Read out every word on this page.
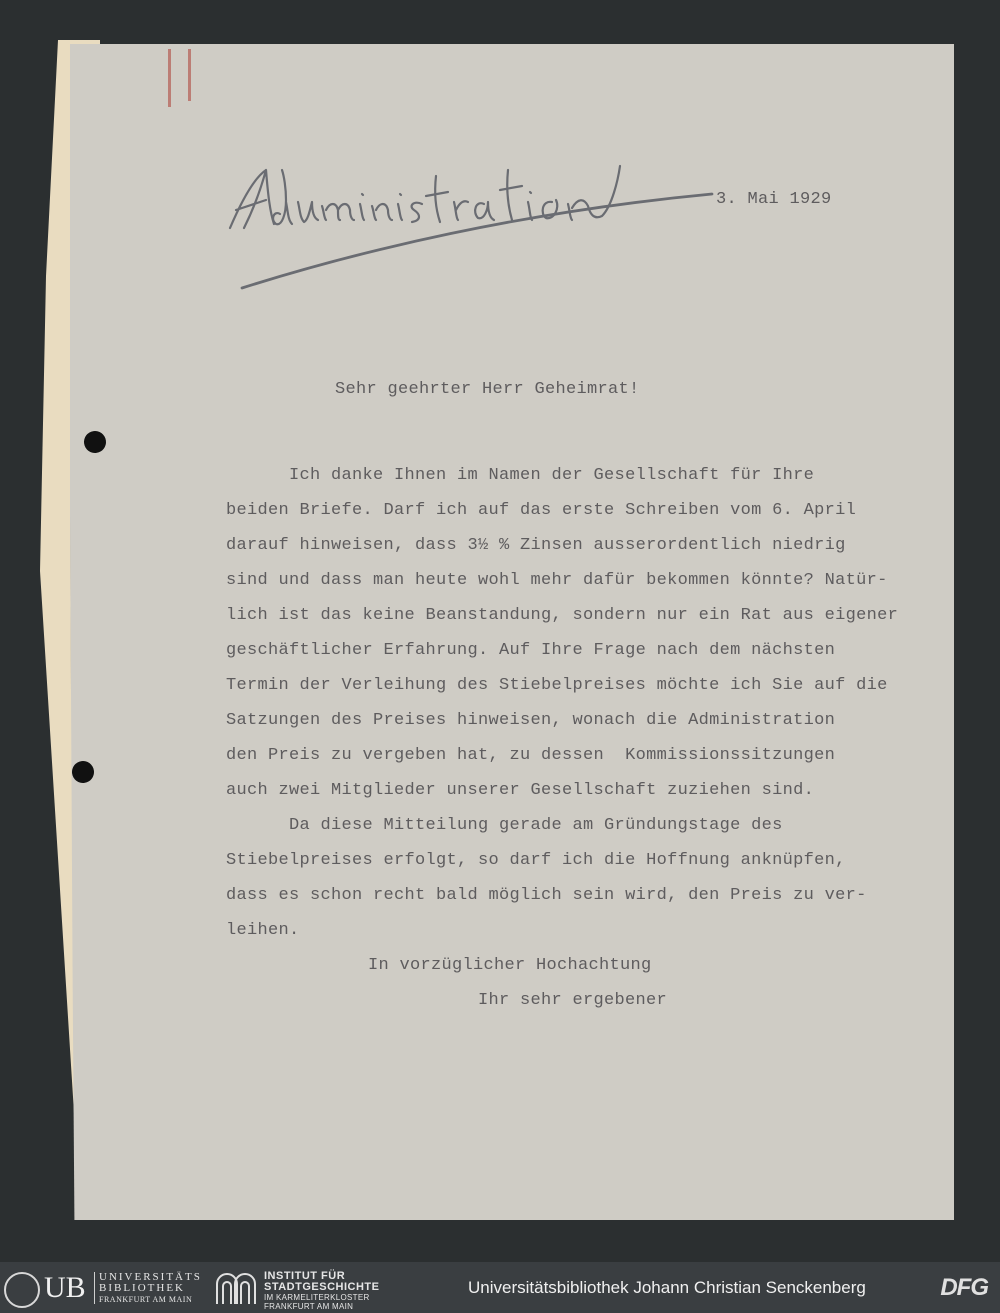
3. Mai 1929
Sehr geehrter Herr Geheimrat!
Ich danke Ihnen im Namen der Gesellschaft für Ihre
beiden Briefe. Darf ich auf das erste Schreiben vom 6. April
darauf hinweisen, dass 3½ % Zinsen ausserordentlich niedrig
sind und dass man heute wohl mehr dafür bekommen könnte? Natür-
lich ist das keine Beanstandung, sondern nur ein Rat aus eigener
geschäftlicher Erfahrung. Auf Ihre Frage nach dem nächsten
Termin der Verleihung des Stiebelpreises möchte ich Sie auf die
Satzungen des Preises hinweisen, wonach die Administration
den Preis zu vergeben hat, zu dessen  Kommissionssitzungen
auch zwei Mitglieder unserer Gesellschaft zuziehen sind.
Da diese Mitteilung gerade am Gründungstage des
Stiebelpreises erfolgt, so darf ich die Hoffnung anknüpfen,
dass es schon recht bald möglich sein wird, den Preis zu ver-
leihen.
In vorzüglicher Hochachtung
Ihr sehr ergebener
UB UNIVERSITÄTS
BIBLIOTHEK
FRANKFURT AM MAIN
INSTITUT FÜR
STADTGESCHICHTE
IM KARMELITERKLOSTER
FRANKFURT AM MAIN
Universitätsbibliothek Johann Christian Senckenberg	DFG
